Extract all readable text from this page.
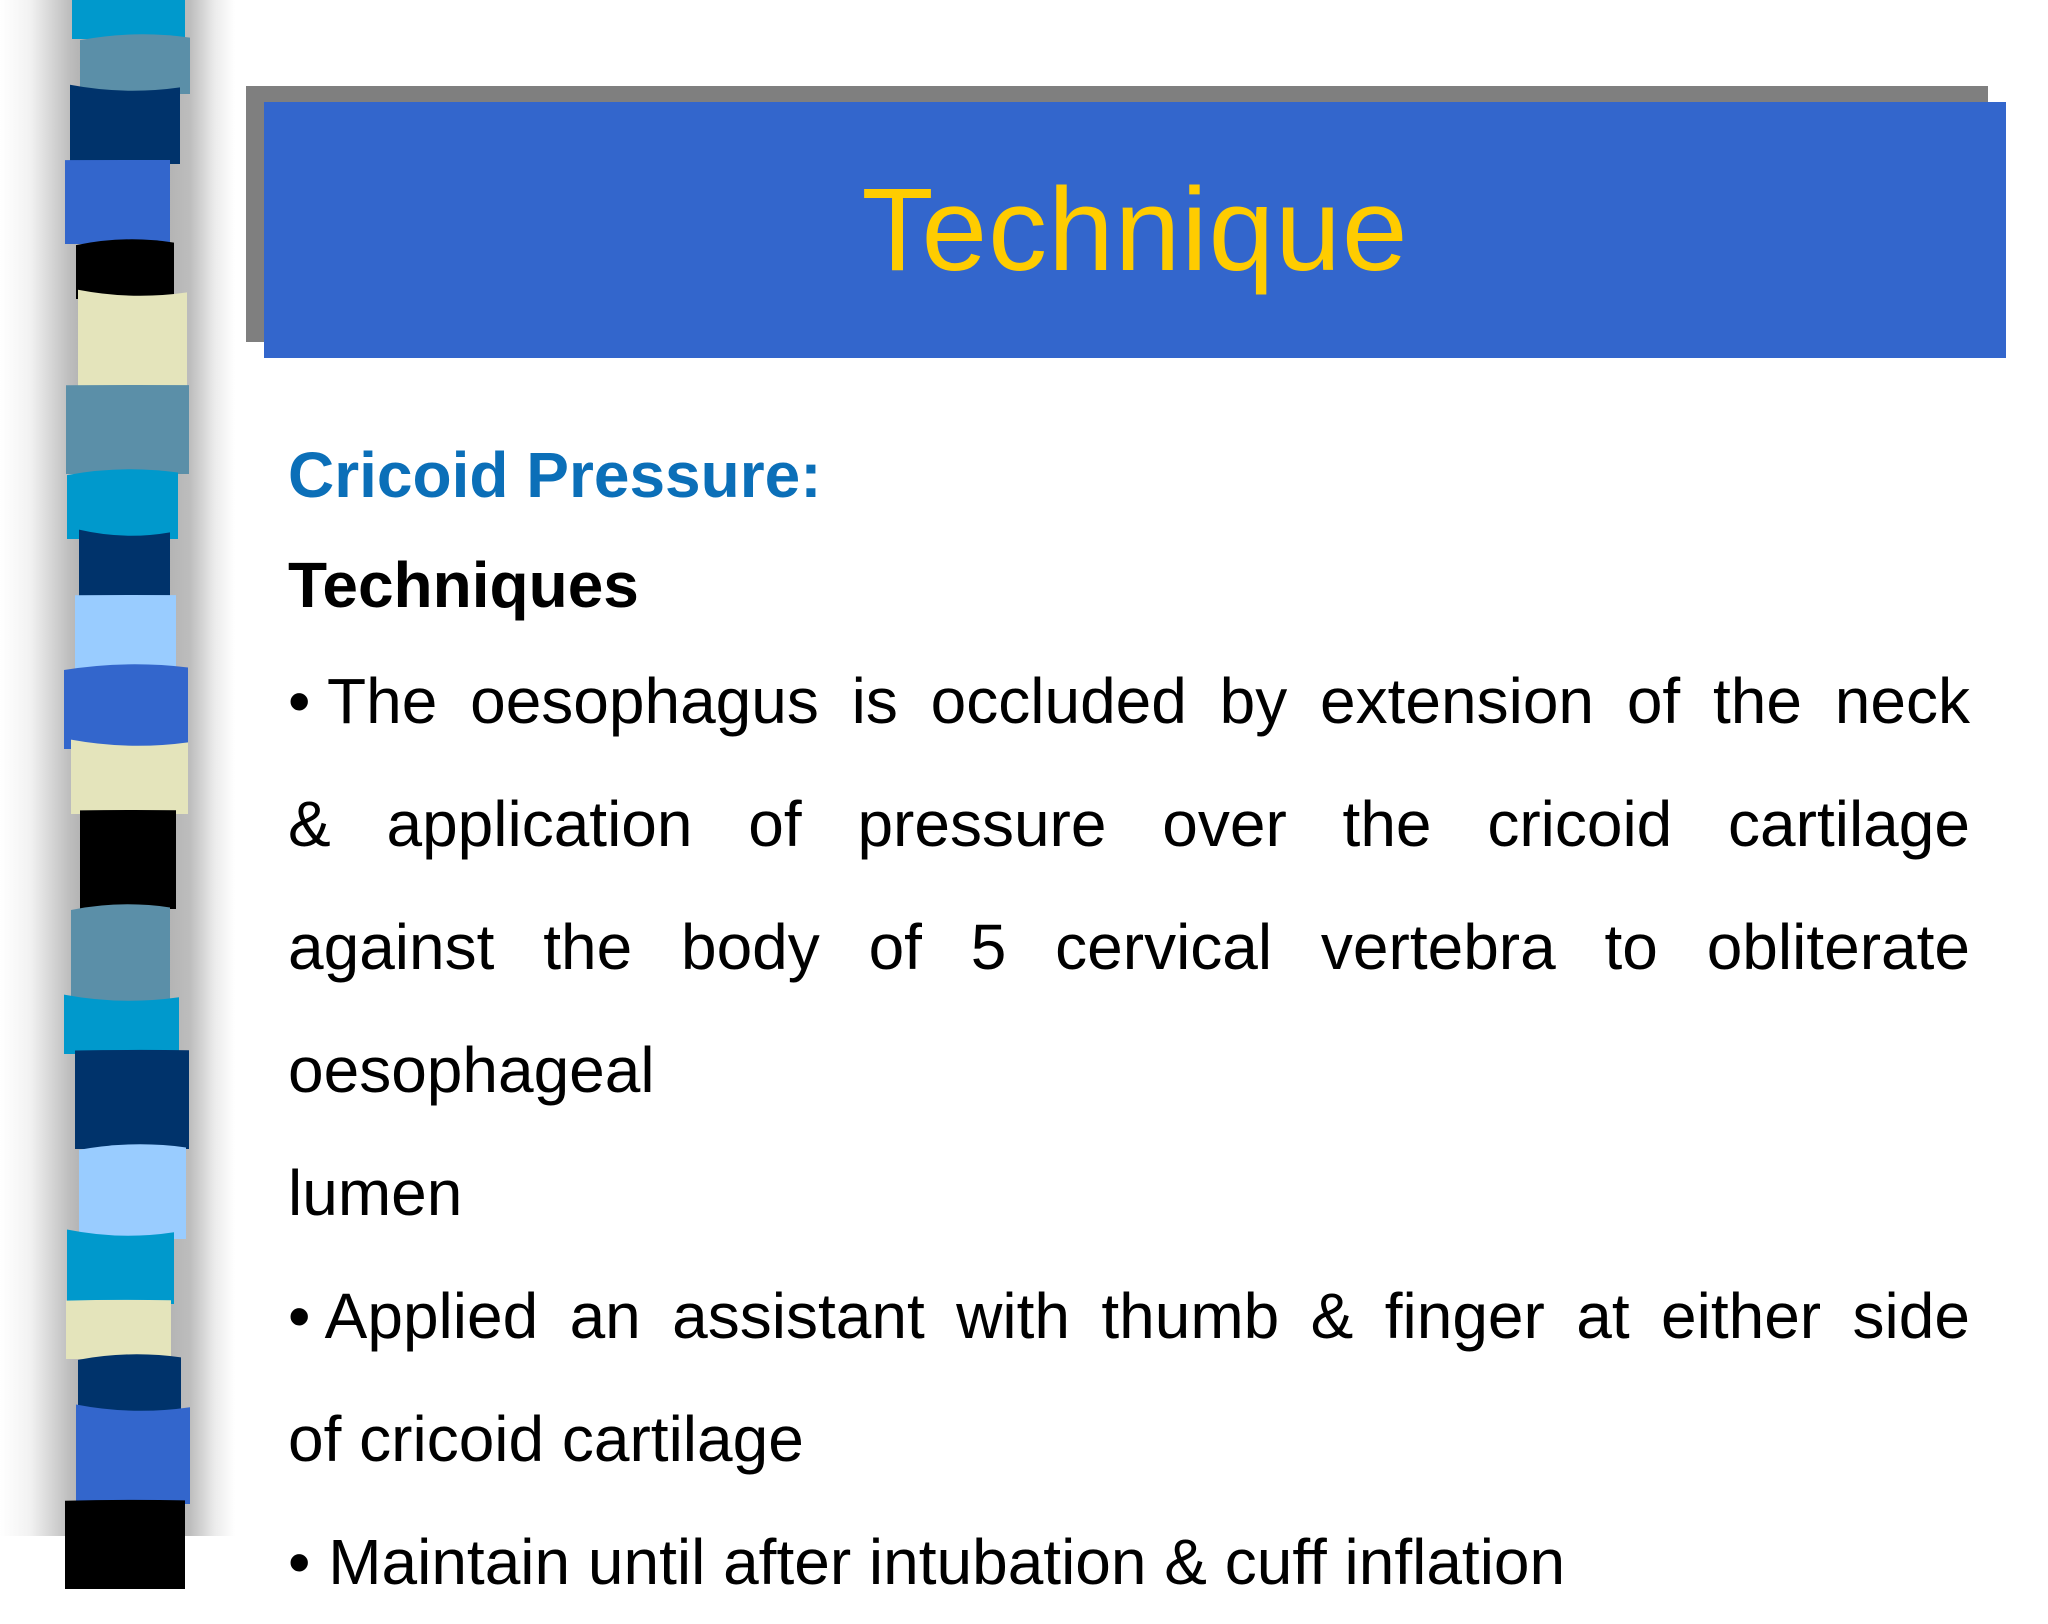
Technique
Cricoid Pressure:
Techniques
• The oesophagus is occluded by extension of the neck
& application of pressure over the cricoid cartilage
against the body of 5 cervical vertebra to obliterate
oesophageal
lumen
• Applied an assistant with thumb & finger at either side
of cricoid cartilage
• Maintain until after intubation & cuff inflation
